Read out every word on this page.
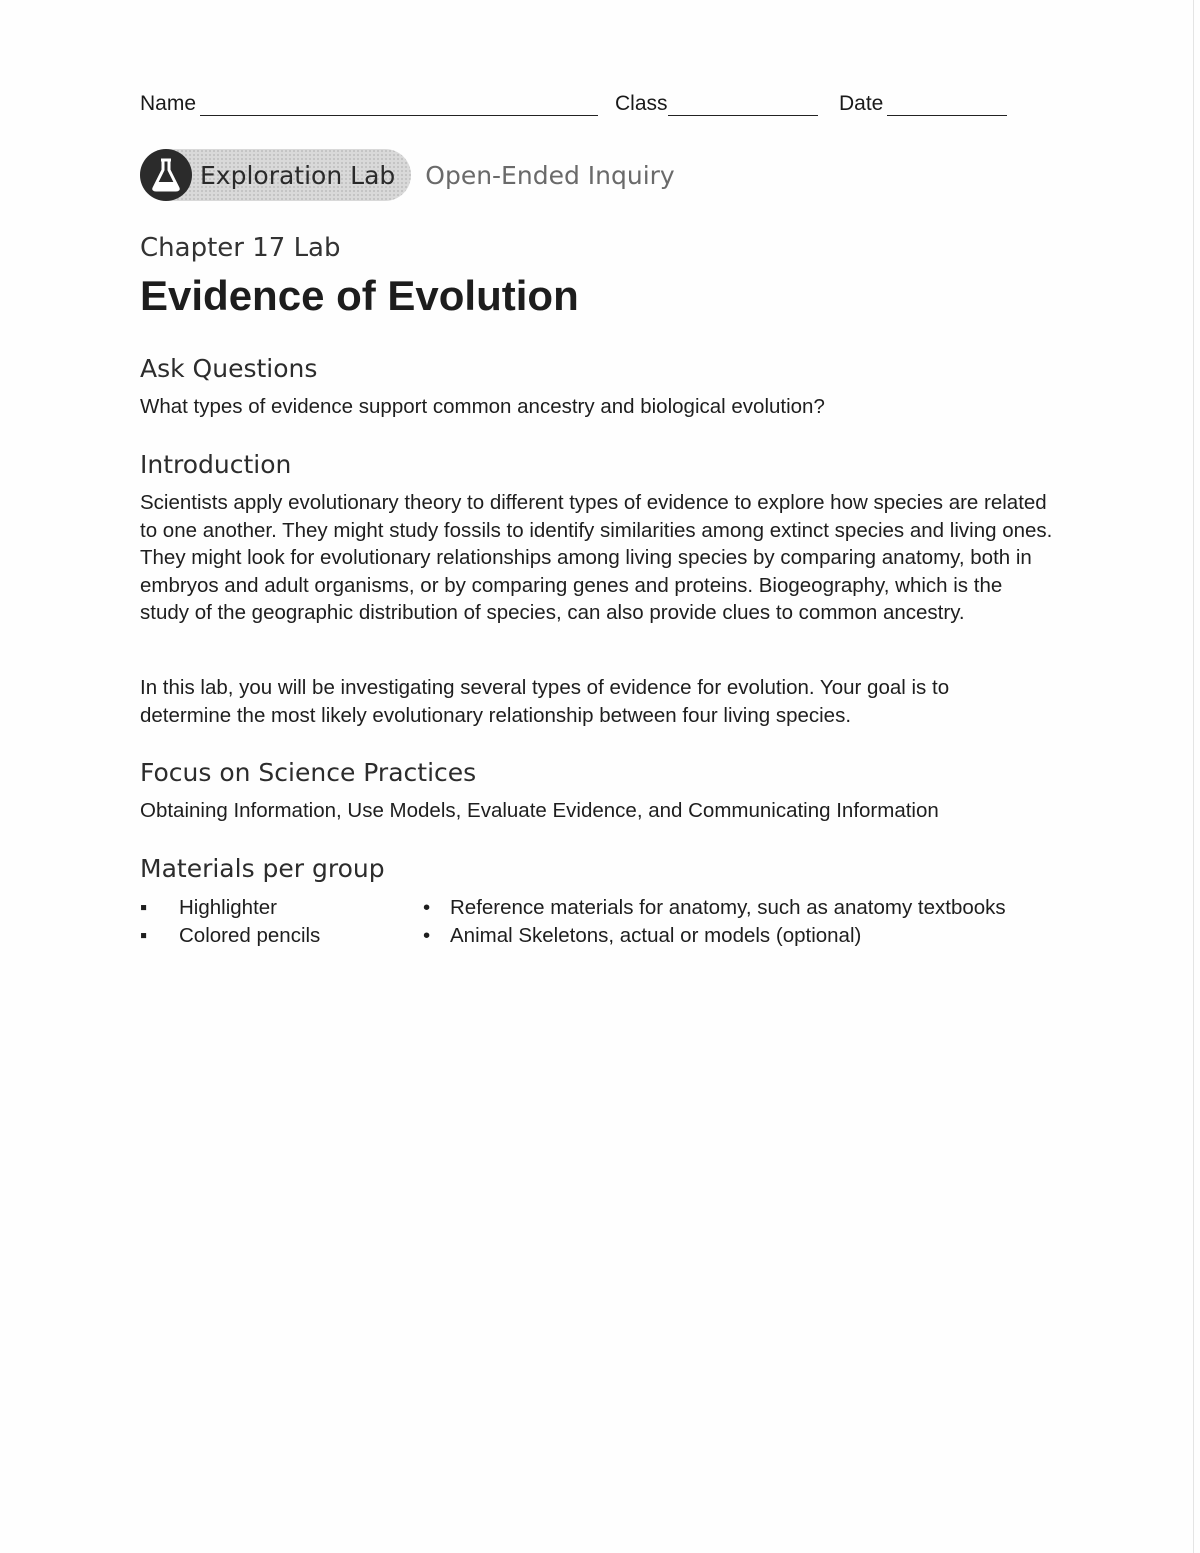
Name	Class	Date
Exploration Lab Open-Ended Inquiry
Chapter 17 Lab
Evidence of Evolution
Ask Questions
What types of evidence support common ancestry and biological evolution?
Introduction
Scientists apply evolutionary theory to different types of evidence to explore how species are related to one another. They might study fossils to identify similarities among extinct species and living ones. They might look for evolutionary relationships among living species by comparing anatomy, both in embryos and adult organisms, or by comparing genes and proteins. Biogeography, which is the study of the geographic distribution of species, can also provide clues to common ancestry.
In this lab, you will be investigating several types of evidence for evolution. Your goal is to determine the most likely evolutionary relationship between four living species.
Focus on Science Practices
Obtaining Information, Use Models, Evaluate Evidence, and Communicating Information
Materials per group
▪ Highlighter
▪ Colored pencils
• Reference materials for anatomy, such as anatomy textbooks
• Animal Skeletons, actual or models (optional)
